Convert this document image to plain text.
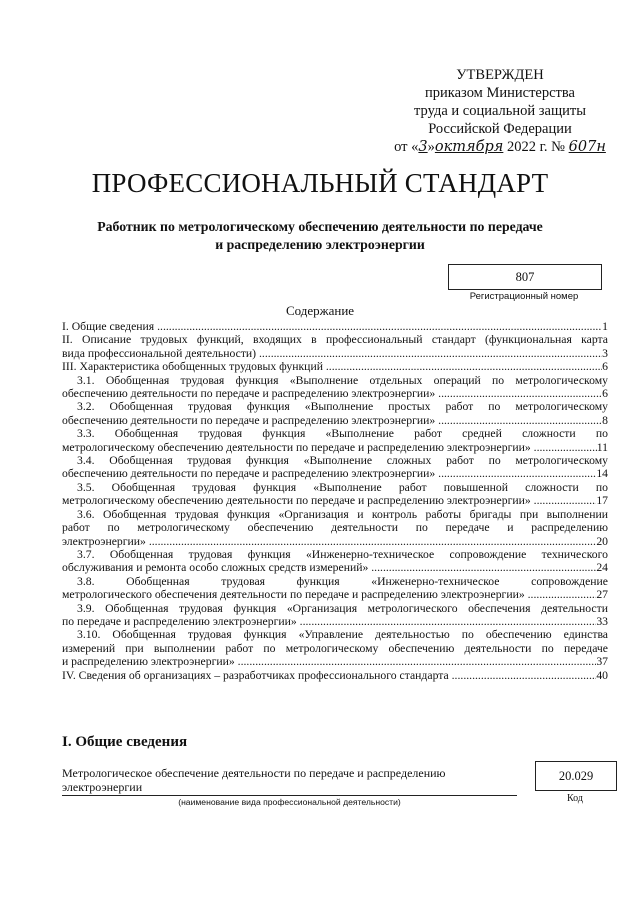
УТВЕРЖДЕН
приказом Министерства
труда и социальной защиты
Российской Федерации
от «3»октября 2022 г. № 607н
ПРОФЕССИОНАЛЬНЫЙ СТАНДАРТ
Работник по метрологическому обеспечению деятельности по передаче
и распределению электроэнергии
807
Регистрационный номер
Содержание
1
I. Общие сведения .....
II. Описание трудовых функций, входящих в профессиональный стандарт (функциональная карта
3
вида профессиональной деятельности) .....
6
III. Характеристика обобщенных трудовых функций .....
3.1. Обобщенная трудовая функция «Выполнение отдельных операций по метрологическому
6
обеспечению деятельности по передаче и распределению электроэнергии» .....
3.2. Обобщенная трудовая функция «Выполнение простых работ по метрологическому
8
обеспечению деятельности по передаче и распределению электроэнергии» .....
3.3. Обобщенная трудовая функция «Выполнение работ средней сложности по
11
метрологическому обеспечению деятельности по передаче и распределению электроэнергии» .....
3.4. Обобщенная трудовая функция «Выполнение сложных работ по метрологическому
14
обеспечению деятельности по передаче и распределению электроэнергии» .....
3.5. Обобщенная трудовая функция «Выполнение работ повышенной сложности по
17
метрологическому обеспечению деятельности по передаче и распределению электроэнергии» .....
3.6. Обобщенная трудовая функция «Организация и контроль работы бригады при выполнении
работ по метрологическому обеспечению деятельности по передаче и распределению
20
электроэнергии» .....
3.7. Обобщенная трудовая функция «Инженерно-техническое сопровождение технического
24
обслуживания и ремонта особо сложных средств измерений» .....
3.8. Обобщенная трудовая функция «Инженерно-техническое сопровождение
27
метрологического обеспечения деятельности по передаче и распределению электроэнергии» .....
3.9. Обобщенная трудовая функция «Организация метрологического обеспечения деятельности
33
по передаче и распределению электроэнергии» .....
3.10. Обобщенная трудовая функция «Управление деятельностью по обеспечению единства
измерений при выполнении работ по метрологическому обеспечению деятельности по передаче
37
и распределению электроэнергии» .....
40
IV. Сведения об организациях – разработчиках профессионального стандарта .....
I. Общие сведения
Метрологическое обеспечение деятельности по передаче и распределению
электроэнергии
(наименование вида профессиональной деятельности)
20.029
Код
